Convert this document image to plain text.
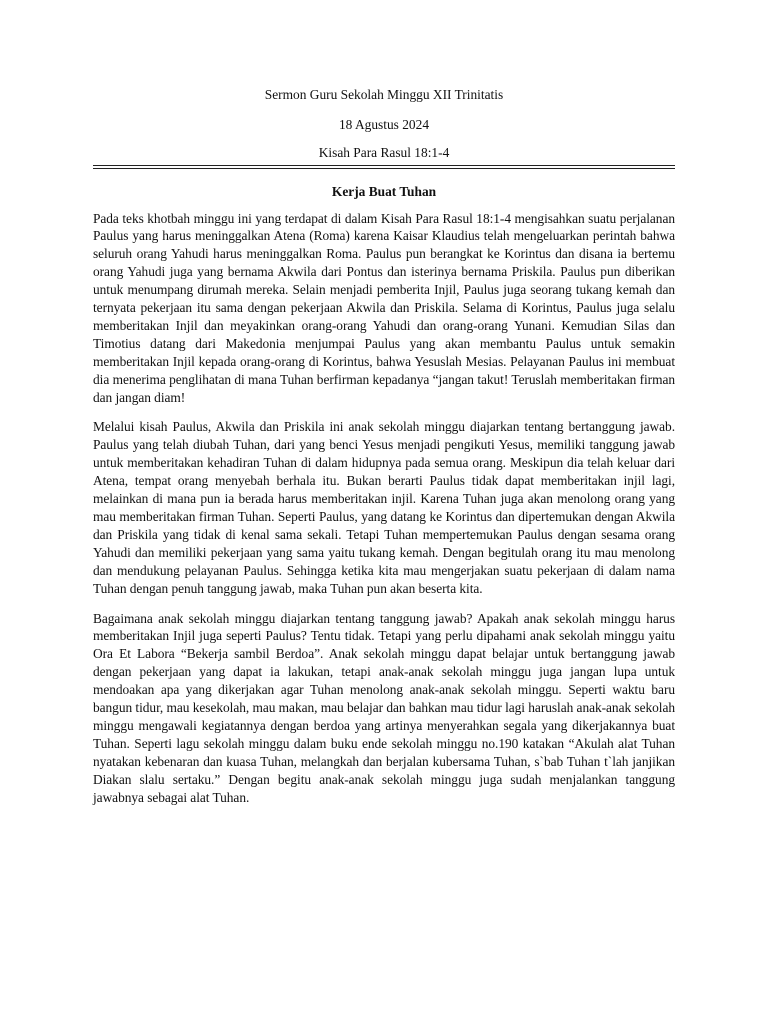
Sermon Guru Sekolah Minggu XII Trinitatis

18 Agustus 2024

Kisah Para Rasul 18:1-4

Kerja Buat Tuhan

Pada teks khotbah minggu ini yang terdapat di dalam Kisah Para Rasul 18:1-4 mengisahkan suatu perjalanan Paulus yang harus meninggalkan Atena (Roma) karena Kaisar Klaudius telah mengeluarkan perintah bahwa seluruh orang Yahudi harus meninggalkan Roma. Paulus pun berangkat ke Korintus dan disana ia bertemu orang Yahudi juga yang bernama Akwila dari Pontus dan isterinya bernama Priskila. Paulus pun diberikan untuk menumpang dirumah mereka. Selain menjadi pemberita Injil, Paulus juga seorang tukang kemah dan ternyata pekerjaan itu sama dengan pekerjaan Akwila dan Priskila. Selama di Korintus, Paulus juga selalu memberitakan Injil dan meyakinkan orang-orang Yahudi dan orang-orang Yunani. Kemudian Silas dan Timotius datang dari Makedonia menjumpai Paulus yang akan membantu Paulus untuk semakin memberitakan Injil kepada orang-orang di Korintus, bahwa Yesuslah Mesias. Pelayanan Paulus ini membuat dia menerima penglihatan di mana Tuhan berfirman kepadanya “jangan takut! Teruslah memberitakan firman dan jangan diam!

Melalui kisah Paulus, Akwila dan Priskila ini anak sekolah minggu diajarkan tentang bertanggung jawab. Paulus yang telah diubah Tuhan, dari yang benci Yesus menjadi pengikuti Yesus, memiliki tanggung jawab untuk memberitakan kehadiran Tuhan di dalam hidupnya pada semua orang. Meskipun dia telah keluar dari Atena, tempat orang menyebah berhala itu. Bukan berarti Paulus tidak dapat memberitakan injil lagi, melainkan di mana pun ia berada harus memberitakan injil. Karena Tuhan juga akan menolong orang yang mau memberitakan firman Tuhan. Seperti Paulus, yang datang ke Korintus dan dipertemukan dengan Akwila dan Priskila yang tidak di kenal sama sekali. Tetapi Tuhan mempertemukan Paulus dengan sesama orang Yahudi dan memiliki pekerjaan yang sama yaitu tukang kemah. Dengan begitulah orang itu mau menolong dan mendukung pelayanan Paulus. Sehingga ketika kita mau mengerjakan suatu pekerjaan di dalam nama Tuhan dengan penuh tanggung jawab, maka Tuhan pun akan beserta kita.

Bagaimana anak sekolah minggu diajarkan tentang tanggung jawab? Apakah anak sekolah minggu harus memberitakan Injil juga seperti Paulus? Tentu tidak. Tetapi yang perlu dipahami anak sekolah minggu yaitu Ora Et Labora “Bekerja sambil Berdoa”. Anak sekolah minggu dapat belajar untuk bertanggung jawab dengan pekerjaan yang dapat ia lakukan, tetapi anak-anak sekolah minggu juga jangan lupa untuk mendoakan apa yang dikerjakan agar Tuhan menolong anak-anak sekolah minggu. Seperti waktu baru bangun tidur, mau kesekolah, mau makan, mau belajar dan bahkan mau tidur lagi haruslah anak-anak sekolah minggu mengawali kegiatannya dengan berdoa yang artinya menyerahkan segala yang dikerjakannya buat Tuhan. Seperti lagu sekolah minggu dalam buku ende sekolah minggu no.190 katakan “Akulah alat Tuhan nyatakan kebenaran dan kuasa Tuhan, melangkah dan berjalan kubersama Tuhan, s`bab Tuhan t`lah janjikan Diakan slalu sertaku.” Dengan begitu anak-anak sekolah minggu juga sudah menjalankan tanggung jawabnya sebagai alat Tuhan.
